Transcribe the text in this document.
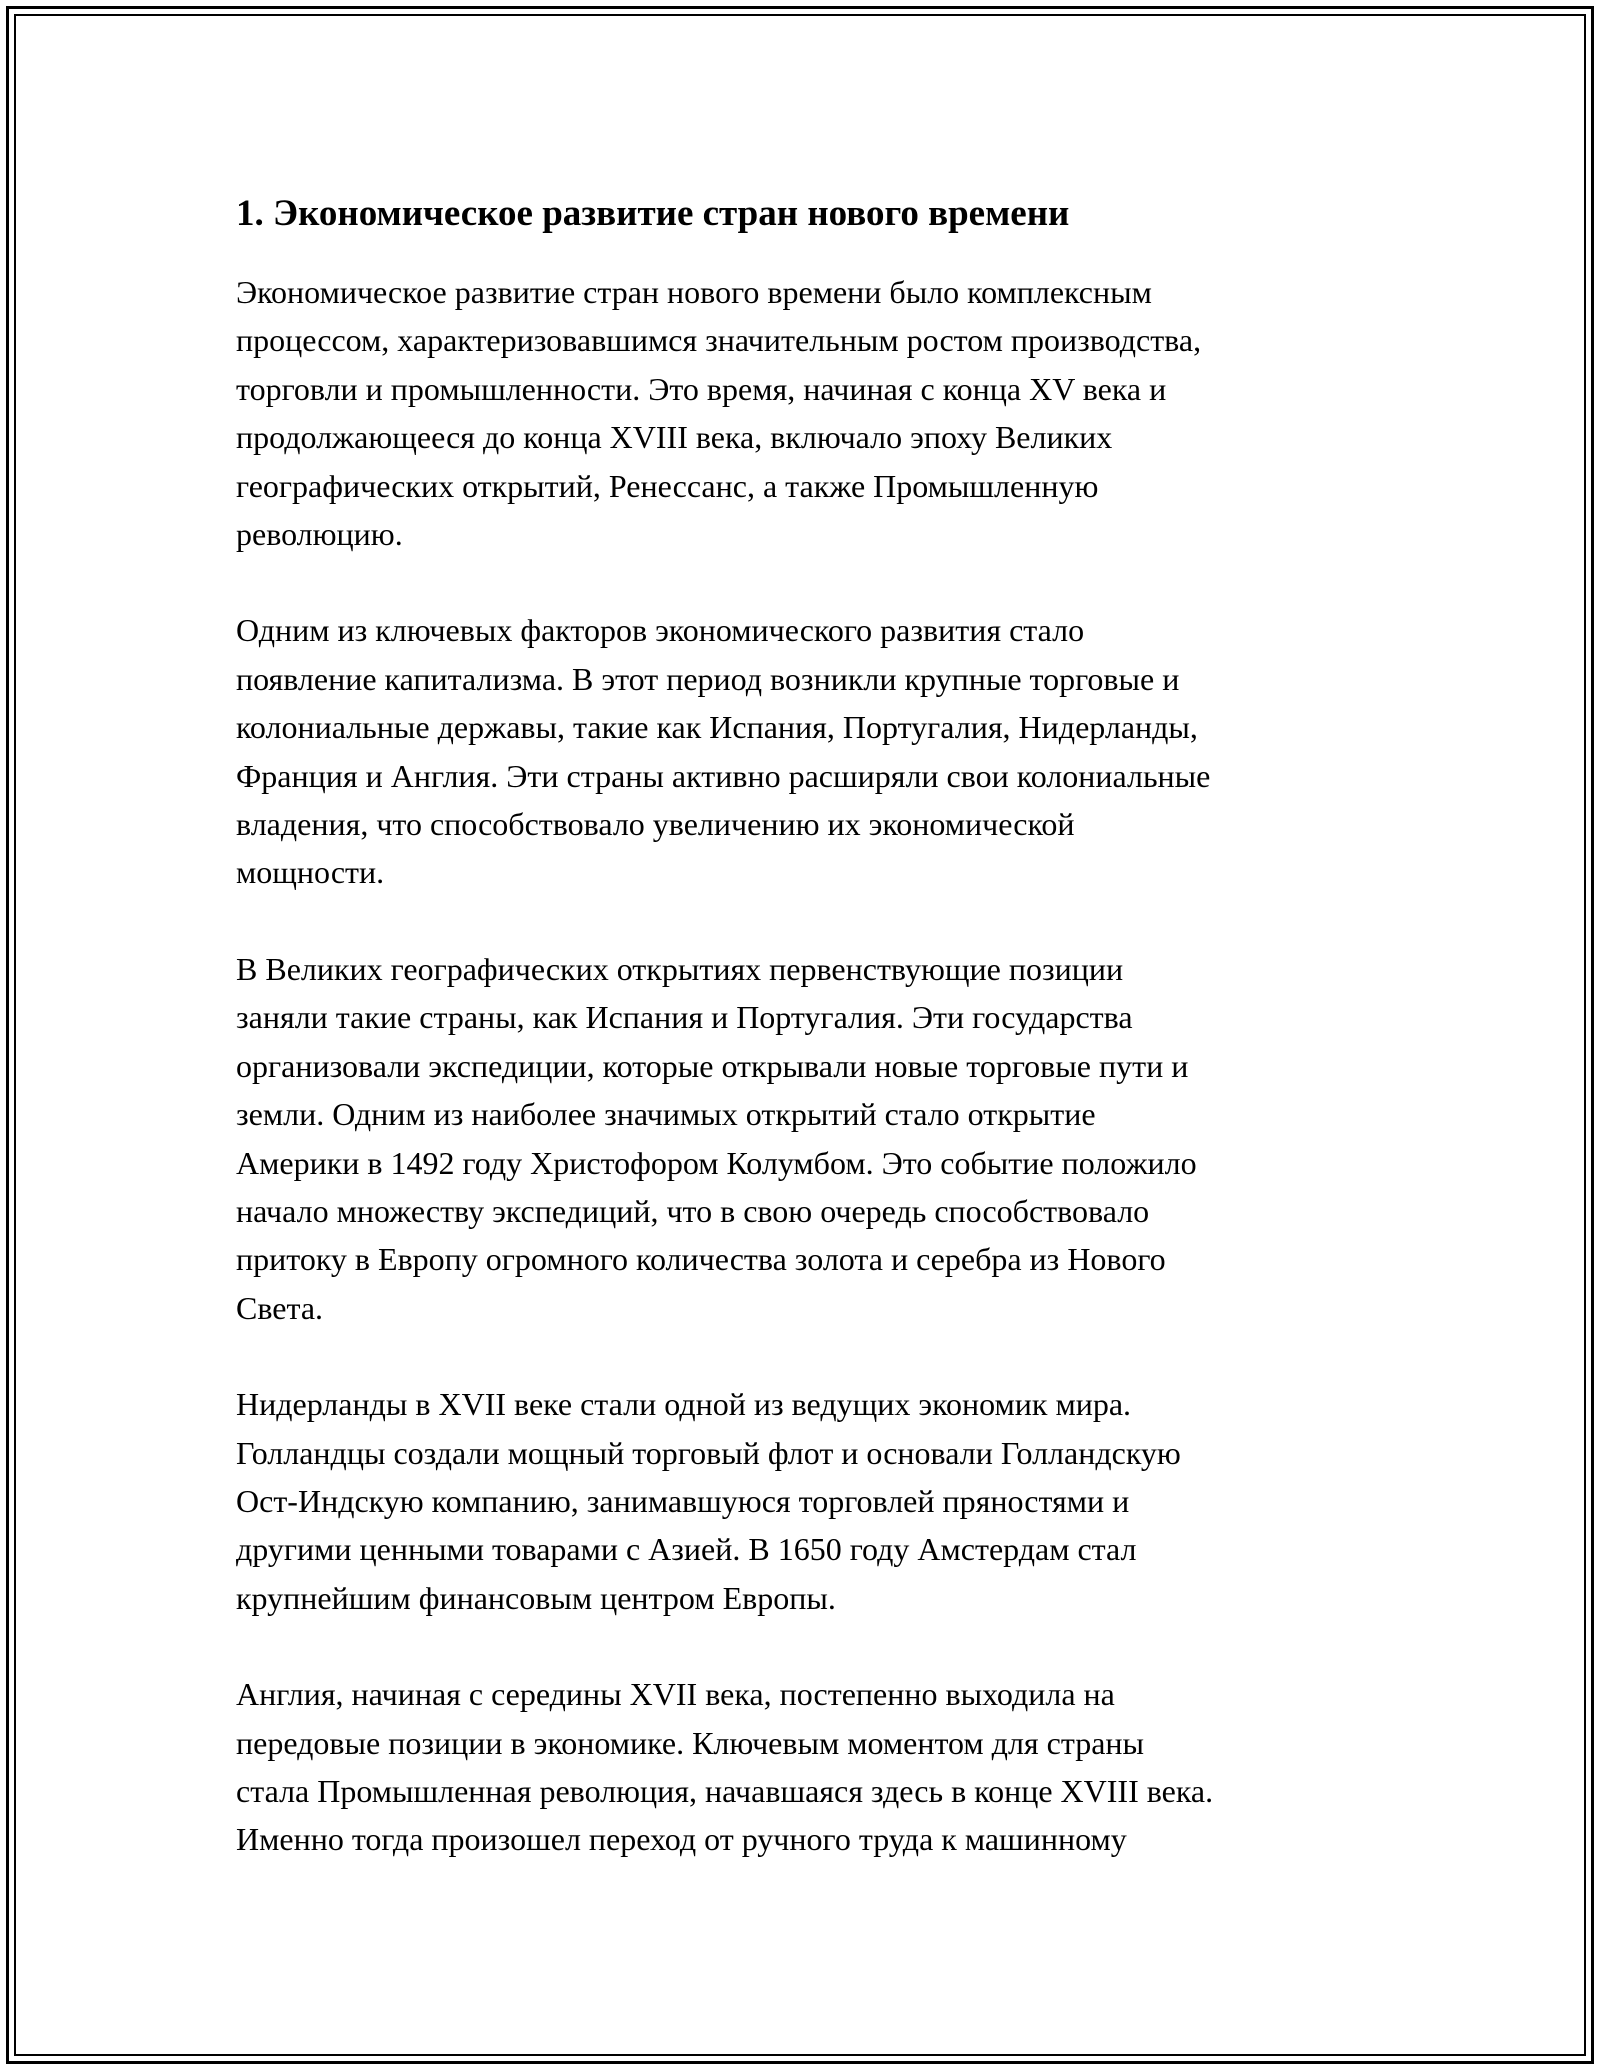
1. Экономическое развитие стран нового времени

Экономическое развитие стран нового времени было комплексным
процессом, характеризовавшимся значительным ростом производства,
торговли и промышленности. Это время, начиная с конца XV века и
продолжающееся до конца XVIII века, включало эпоху Великих
географических открытий, Ренессанс, а также Промышленную
революцию.

Одним из ключевых факторов экономического развития стало
появление капитализма. В этот период возникли крупные торговые и
колониальные державы, такие как Испания, Португалия, Нидерланды,
Франция и Англия. Эти страны активно расширяли свои колониальные
владения, что способствовало увеличению их экономической
мощности.

В Великих географических открытиях первенствующие позиции
заняли такие страны, как Испания и Португалия. Эти государства
организовали экспедиции, которые открывали новые торговые пути и
земли. Одним из наиболее значимых открытий стало открытие
Америки в 1492 году Христофором Колумбом. Это событие положило
начало множеству экспедиций, что в свою очередь способствовало
притоку в Европу огромного количества золота и серебра из Нового
Света.

Нидерланды в XVII веке стали одной из ведущих экономик мира.
Голландцы создали мощный торговый флот и основали Голландскую
Ост-Индскую компанию, занимавшуюся торговлей пряностями и
другими ценными товарами с Азией. В 1650 году Амстердам стал
крупнейшим финансовым центром Европы.

Англия, начиная с середины XVII века, постепенно выходила на
передовые позиции в экономике. Ключевым моментом для страны
стала Промышленная революция, начавшаяся здесь в конце XVIII века.
Именно тогда произошел переход от ручного труда к машинному
